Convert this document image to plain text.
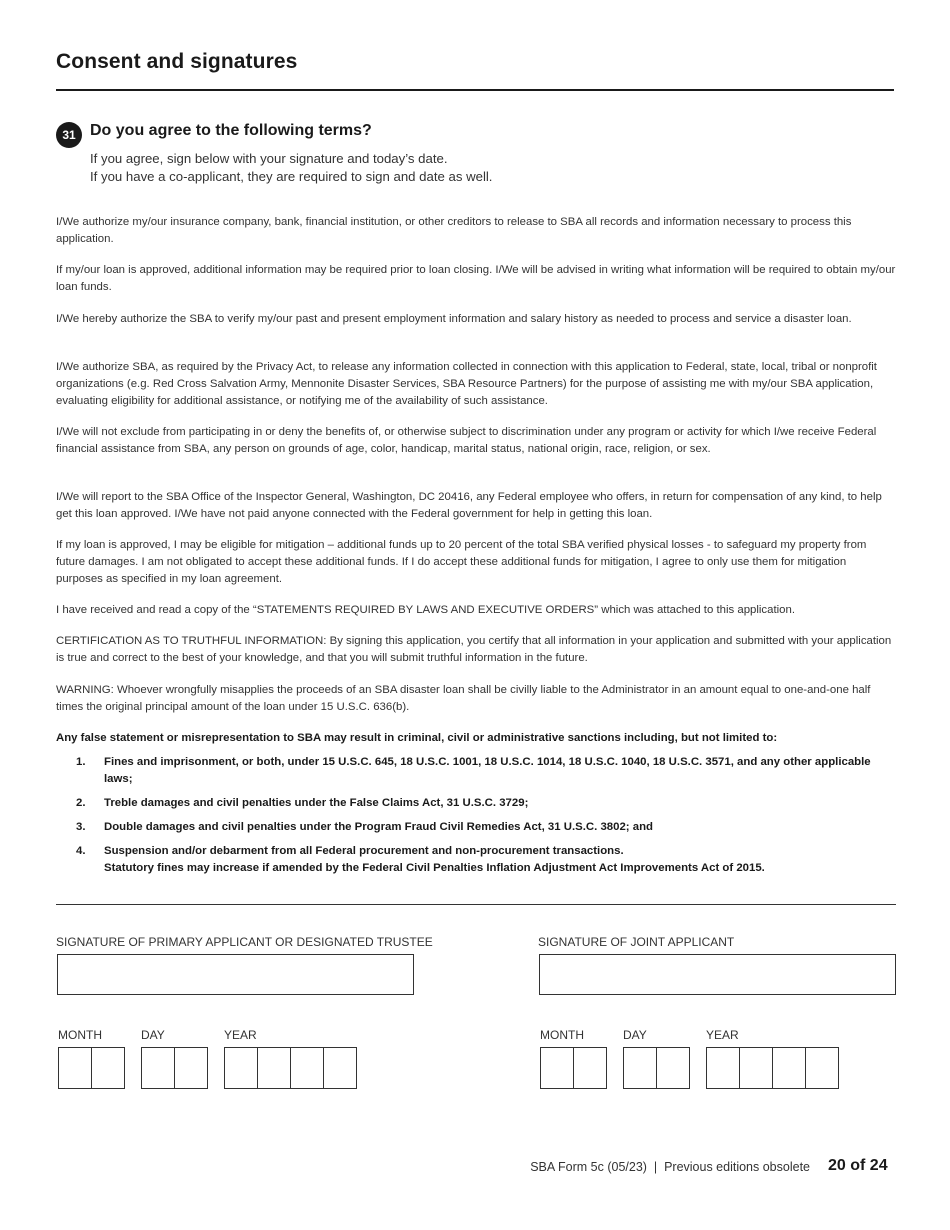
Consent and signatures
31 Do you agree to the following terms?
If you agree, sign below with your signature and today’s date.
If you have a co-applicant, they are required to sign and date as well.
I/We authorize my/our insurance company, bank, financial institution, or other creditors to release to SBA all records and information necessary to process this application.
If my/our loan is approved, additional information may be required prior to loan closing. I/We will be advised in writing what information will be required to obtain my/our loan funds.
I/We hereby authorize the SBA to verify my/our past and present employment information and salary history as needed to process and service a disaster loan.
I/We authorize SBA, as required by the Privacy Act, to release any information collected in connection with this application to Federal, state, local, tribal or nonprofit organizations (e.g. Red Cross Salvation Army, Mennonite Disaster Services, SBA Resource Partners) for the purpose of assisting me with my/our SBA application, evaluating eligibility for additional assistance, or notifying me of the availability of such assistance.
I/We will not exclude from participating in or deny the benefits of, or otherwise subject to discrimination under any program or activity for which I/we receive Federal financial assistance from SBA, any person on grounds of age, color, handicap, marital status, national origin, race, religion, or sex.
I/We will report to the SBA Office of the Inspector General, Washington, DC 20416, any Federal employee who offers, in return for compensation of any kind, to help get this loan approved. I/We have not paid anyone connected with the Federal government for help in getting this loan.
If my loan is approved, I may be eligible for mitigation – additional funds up to 20 percent of the total SBA verified physical losses - to safeguard my property from future damages. I am not obligated to accept these additional funds. If I do accept these additional funds for mitigation, I agree to only use them for mitigation purposes as specified in my loan agreement.
I have received and read a copy of the “STATEMENTS REQUIRED BY LAWS AND EXECUTIVE ORDERS” which was attached to this application.
CERTIFICATION AS TO TRUTHFUL INFORMATION: By signing this application, you certify that all information in your application and submitted with your application is true and correct to the best of your knowledge, and that you will submit truthful information in the future.
WARNING: Whoever wrongfully misapplies the proceeds of an SBA disaster loan shall be civilly liable to the Administrator in an amount equal to one-and-one half times the original principal amount of the loan under 15 U.S.C. 636(b).
Any false statement or misrepresentation to SBA may result in criminal, civil or administrative sanctions including, but not limited to:
1. Fines and imprisonment, or both, under 15 U.S.C. 645, 18 U.S.C. 1001, 18 U.S.C. 1014, 18 U.S.C. 1040, 18 U.S.C. 3571, and any other applicable laws;
2. Treble damages and civil penalties under the False Claims Act, 31 U.S.C. 3729;
3. Double damages and civil penalties under the Program Fraud Civil Remedies Act, 31 U.S.C. 3802; and
4. Suspension and/or debarment from all Federal procurement and non-procurement transactions.
Statutory fines may increase if amended by the Federal Civil Penalties Inflation Adjustment Act Improvements Act of 2015.
SIGNATURE OF PRIMARY APPLICANT OR DESIGNATED TRUSTEE
MONTH	DAY	YEAR
SIGNATURE OF JOINT APPLICANT
MONTH	DAY	YEAR
SBA Form 5c (05/23)  |  Previous editions obsolete 20 of 24
